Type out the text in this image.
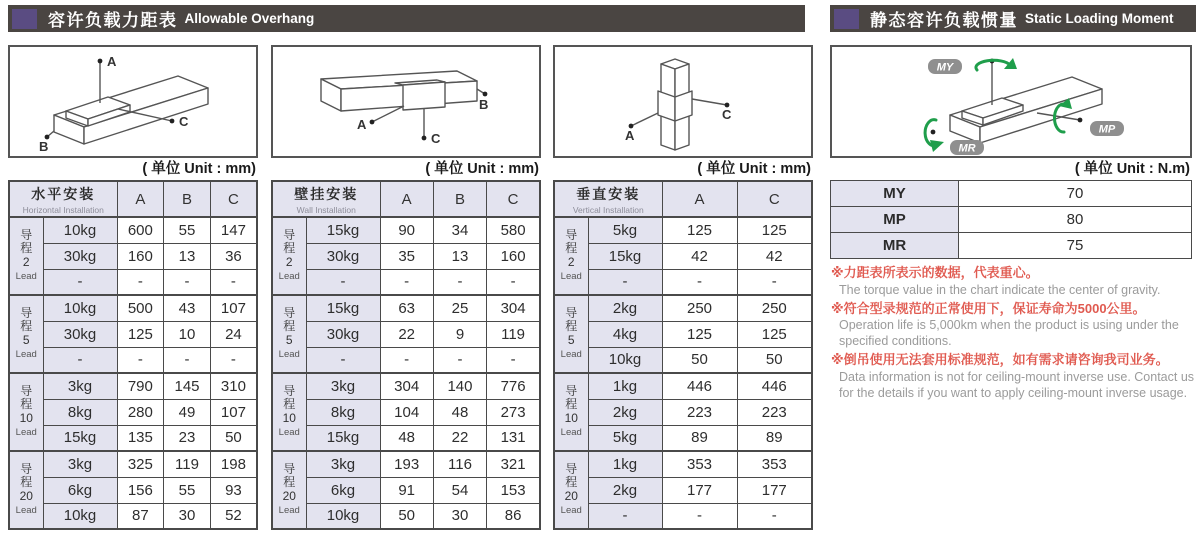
容许负载力距表 Allowable Overhang	静态容许负载惯量 Static Loading Moment
A
B
C
( 单位 Unit : mm)
水平安装
Horizontal Installation		A	B	C
导
程
2
Lead	10kg	600	55	147
	30kg	160	13	36
	-	-	-	-
导
程
5
Lead	10kg	500	43	107
	30kg	125	10	24
	-	-	-	-
导
程
10
Lead	3kg	790	145	310
	8kg	280	49	107
	15kg	135	23	50
导
程
20
Lead	3kg	325	119	198
	6kg	156	55	93
	10kg	87	30	52
A
C
B
( 单位 Unit : mm)
壁挂安装
Wall Installation		A	B	C
导
程
2
Lead	15kg	90	34	580
	30kg	35	13	160
	-	-	-	-
导
程
5
Lead	15kg	63	25	304
	30kg	22	9	119
	-	-	-	-
导
程
10
Lead	3kg	304	140	776
	8kg	104	48	273
	15kg	48	22	131
导
程
20
Lead	3kg	193	116	321
	6kg	91	54	153
	10kg	50	30	86
A
C
( 单位 Unit : mm)
垂直安装
Vertical Installation		A	C
导
程
2
Lead	5kg	125	125
	15kg	42	42
	-	-	-
导
程
5
Lead	2kg	250	250
	4kg	125	125
	10kg	50	50
导
程
10
Lead	1kg	446	446
	2kg	223	223
	5kg	89	89
导
程
20
Lead	1kg	353	353
	2kg	177	177
	-	-	-
MY
MP
MR
( 单位 Unit : N.m)
MY	70
MP	80
MR	75
※力距表所表示的数据，代表重心。
The torque value in the chart indicate the center of gravity.
※符合型录规范的正常使用下，保证寿命为5000公里。
Operation life is 5,000km when the product is using under the specified conditions.
※倒吊使用无法套用标准规范，如有需求请咨询我司业务。
Data information is not for ceiling-mount inverse use. Contact us for the details if you want to apply ceiling-mount inverse usage.
